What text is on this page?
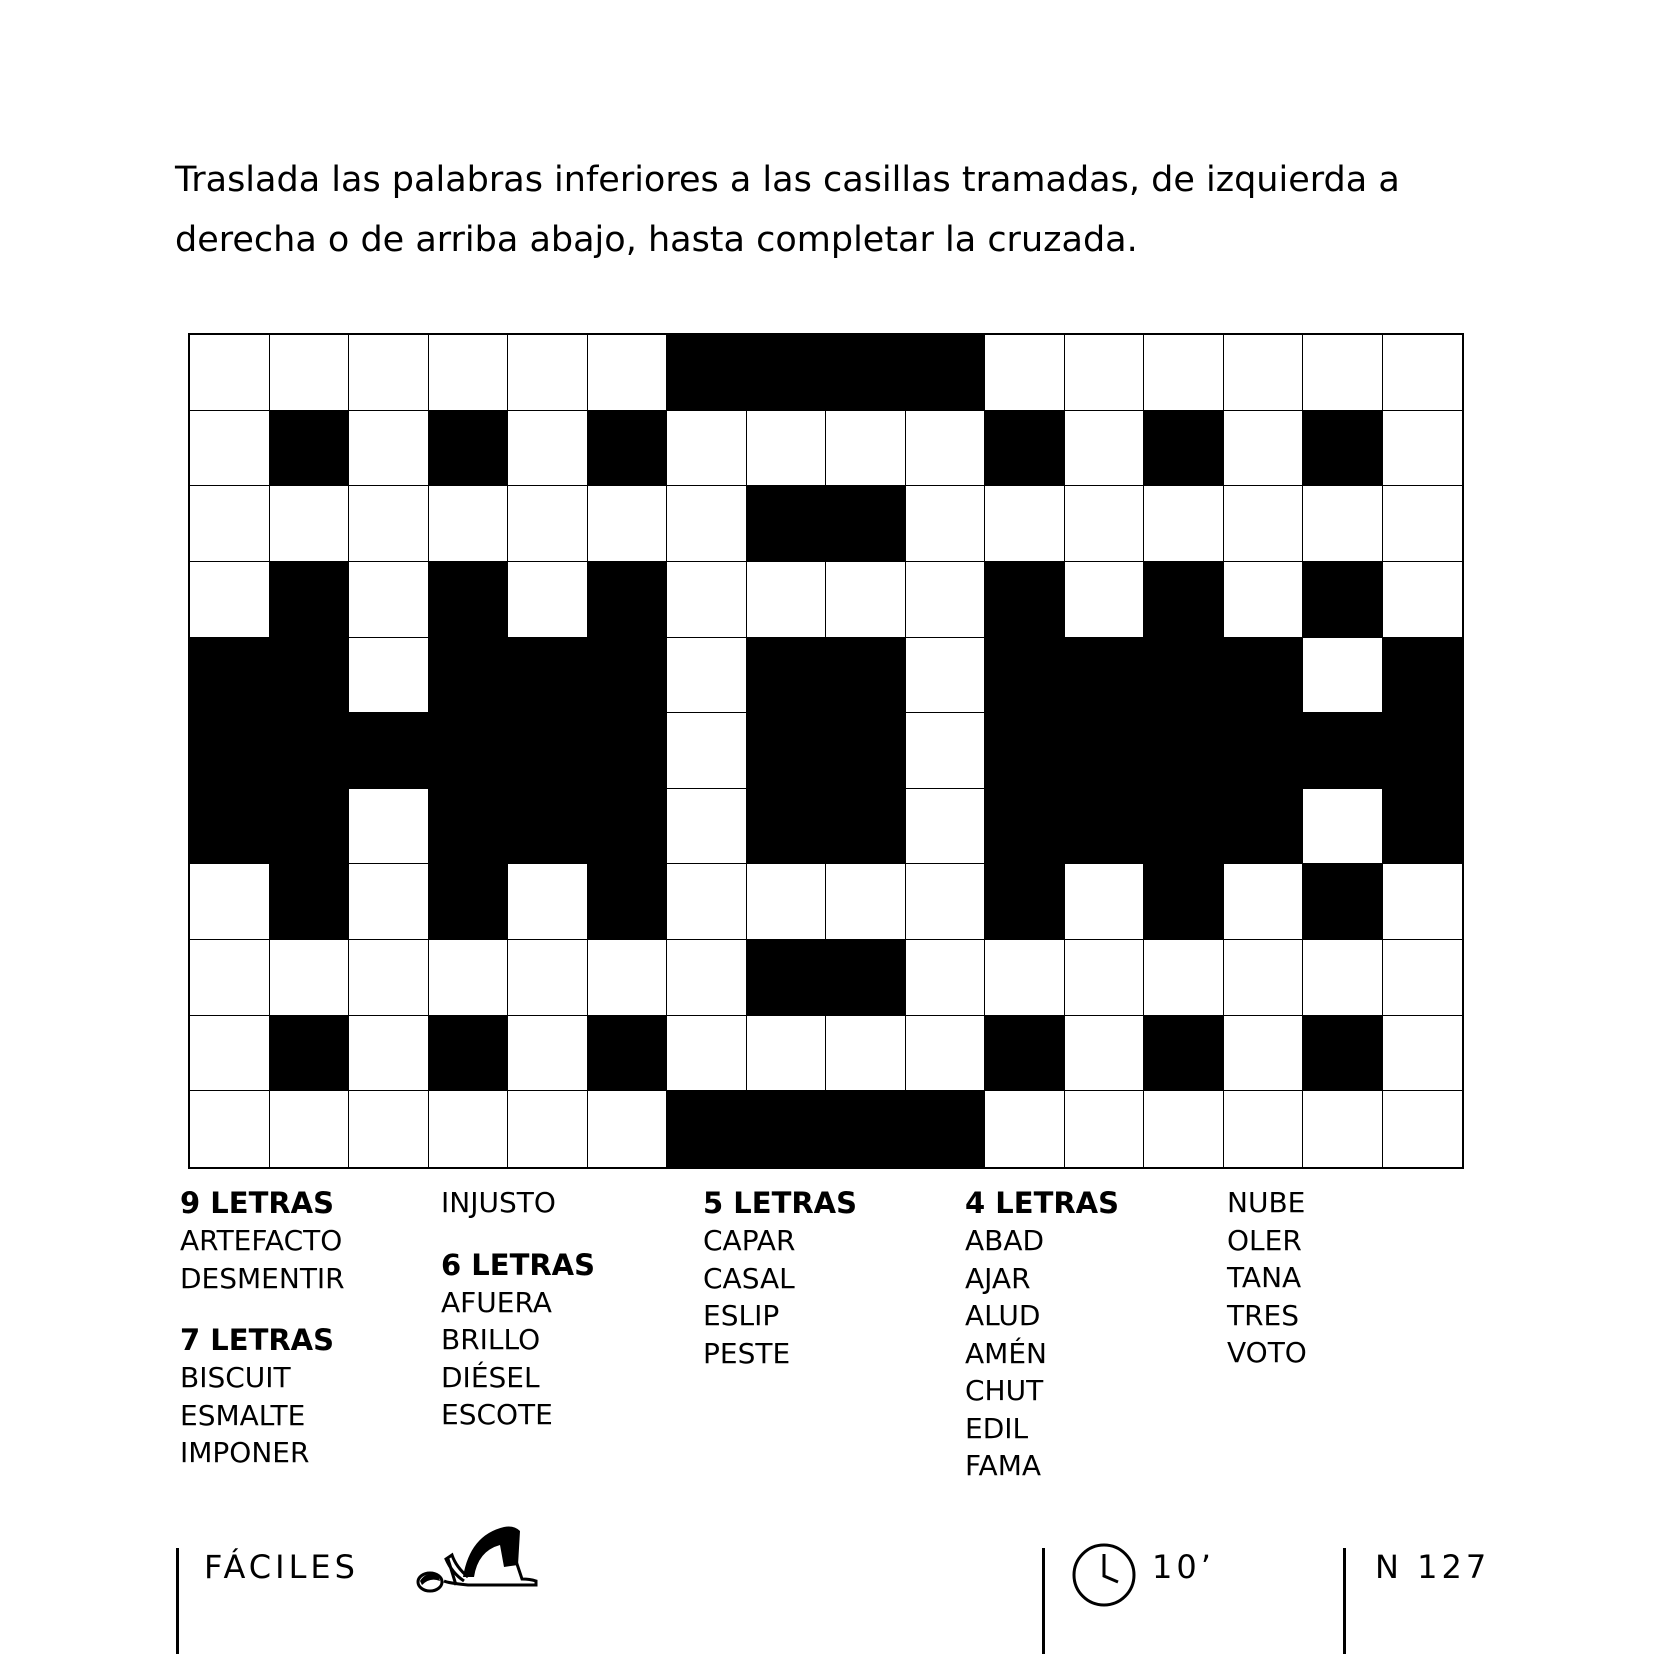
Traslada las palabras inferiores a las casillas tramadas, de izquierda a derecha o de arriba abajo, hasta completar la cruzada.

9 LETRAS
ARTEFACTO
DESMENTIR
7 LETRAS
BISCUIT
ESMALTE
IMPONER
INJUSTO
6 LETRAS
AFUERA
BRILLO
DIÉSEL
ESCOTE
5 LETRAS
CAPAR
CASAL
ESLIP
PESTE
4 LETRAS
ABAD
AJAR
ALUD
AMÉN
CHUT
EDIL
FAMA
NUBE
OLER
TANA
TRES
VOTO
FÁCILES	10’	N 127
